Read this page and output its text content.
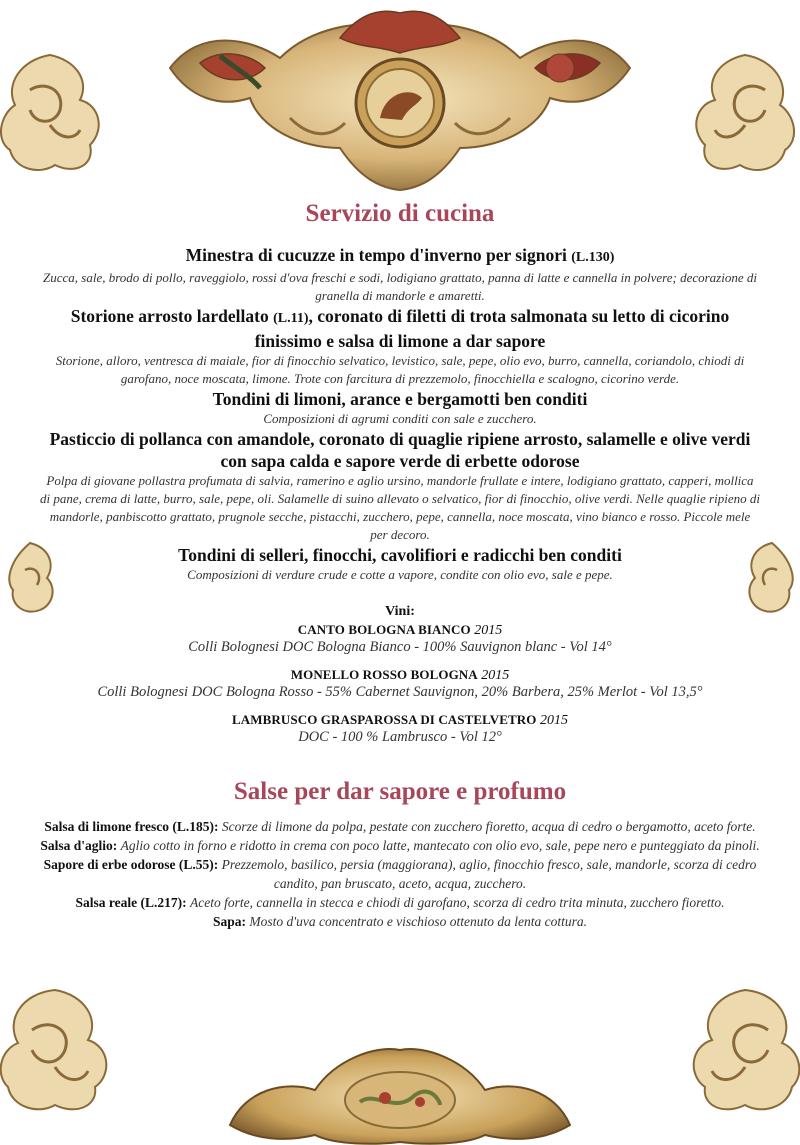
Servizio di cucina
Minestra di cucuzze in tempo d'inverno per signori (L.130)
Zucca, sale, brodo di pollo, raveggiolo, rossi d'ova freschi e sodi, lodigiano grattato, panna di latte e cannella in polvere; decorazione di granella di mandorle e amaretti.
Storione arrosto lardellato (L.11), coronato di filetti di trota salmonata su letto di cicorino finissimo e salsa di limone a dar sapore
Storione, alloro, ventresca di maiale, fior di finocchio selvatico, levistico, sale, pepe, olio evo, burro, cannella, coriandolo, chiodi di garofano, noce moscata, limone. Trote con farcitura di prezzemolo, finocchiella e scalogno, cicorino verde.
Tondini di limoni, arance e bergamotti ben conditi
Composizioni di agrumi conditi con sale e zucchero.
Pasticcio di pollanca con amandole, coronato di quaglie ripiene arrosto, salamelle e olive verdi con sapa calda e sapore verde di erbette odorose
Polpa di giovane pollastra profumata di salvia, ramerino e aglio ursino, mandorle frullate e intere, lodigiano grattato, capperi, mollica di pane, crema di latte, burro, sale, pepe, oli. Salamelle di suino allevato o selvatico, fior di finocchio, olive verdi. Nelle quaglie ripieno di mandorle, panbiscotto grattato, prugnole secche, pistacchi, zucchero, pepe, cannella, noce moscata, vino bianco e rosso. Piccole mele per decoro.
Tondini di selleri, finocchi, cavolifiori e radicchi ben conditi
Composizioni di verdure crude e cotte a vapore, condite con olio evo, sale e pepe.
Vini:
CANTO BOLOGNA BIANCO 2015
Colli Bolognesi DOC Bologna Bianco - 100% Sauvignon blanc - Vol 14°
MONELLO ROSSO BOLOGNA 2015
Colli Bolognesi DOC Bologna Rosso - 55% Cabernet Sauvignon, 20% Barbera, 25% Merlot - Vol 13,5°
LAMBRUSCO GRASPAROSSA DI CASTELVETRO 2015
DOC - 100 % Lambrusco - Vol 12°
Salse per dar sapore e profumo
Salsa di limone fresco (L.185): Scorze di limone da polpa, pestate con zucchero fioretto, acqua di cedro o bergamotto, aceto forte.
Salsa d'aglio: Aglio cotto in forno e ridotto in crema con poco latte, mantecato con olio evo, sale, pepe nero e punteggiato da pinoli.
Sapore di erbe odorose (L.55): Prezzemolo, basilico, persia (maggiorana), aglio, finocchio fresco, sale, mandorle, scorza di cedro candito, pan bruscato, aceto, acqua, zucchero.
Salsa reale (L.217): Aceto forte, cannella in stecca e chiodi di garofano, scorza di cedro trita minuta, zucchero fioretto.
Sapa: Mosto d'uva concentrato e vischioso ottenuto da lenta cottura.
